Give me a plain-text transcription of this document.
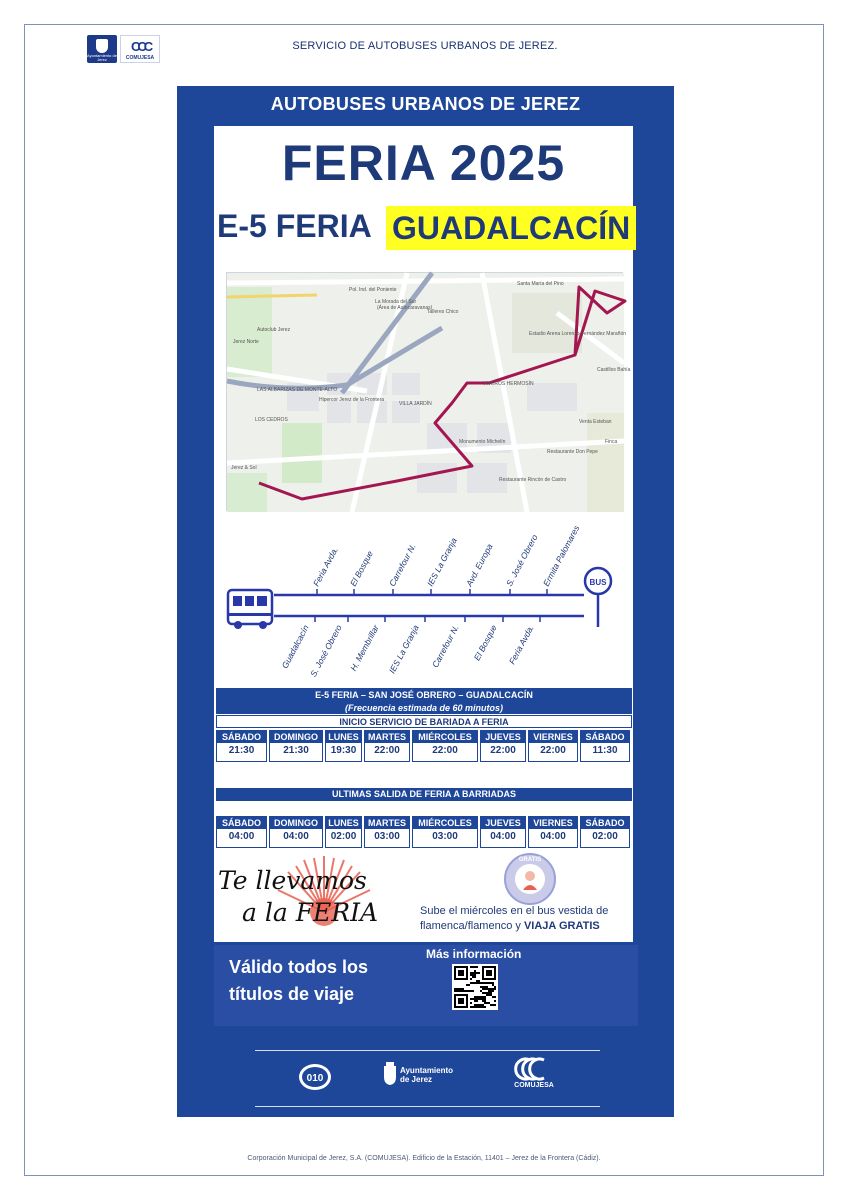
Ayuntamiento de Jerez
CCC
COMUJESA
SERVICIO DE AUTOBUSES URBANOS DE JEREZ.
AUTOBUSES URBANOS DE JEREZ
FERIA 2025
E-5 FERIA GUADALCACÍN
Pol. Ind. del Poniente
La Morada del Sur
(Área de Autocaravanas)
Talleres Chico
Santa María del Pino
Autoclub Jerez
Jerez Norte
LAS ALBARIZAS DE MONTE-ALTO
Estadio Arena Lorenzo Fernández Marañón
VIVEROS HERMOSÍN
Hipercor Jerez de la Frontera
VILLA JARDÍN
LOS CEDROS
Monumento Michelín
Restaurante Don Pepe
Restaurante Rincón de Castro
Jerez & Sol
Venta Esteban
Castillos Bahía
Finca
BUS
Feria Avda. El Bosque Carrefour N. IES La Granja Avd. Europa S. José Obrero Ermita Palomares
Guadalcacín
S. José Obrero H. Membrillar IES La Granja Carrefour N. El Bosque Feria Avda.
E-5 FERIA – SAN JOSÉ OBRERO – GUADALCACÍN
(Frecuencia estimada de 60 minutos)
INICIO SERVICIO DE BARIADA A FERIA
SÁBADO
21:30
DOMINGO
21:30
LUNES
19:30
MARTES
22:00
MIÉRCOLES
22:00
JUEVES
22:00
VIERNES
22:00
SÁBADO
11:30
ULTIMAS SALIDA DE FERIA A BARRIADAS
SÁBADO
04:00
DOMINGO
04:00
LUNES
02:00
MARTES
03:00
MIÉRCOLES
03:00
JUEVES
04:00
VIERNES
04:00
SÁBADO
02:00
Te llevamos
a la FERIA
GRATIS
Sube el miércoles en el bus vestida de flamenca/flamenco y VIAJA GRATIS
Válido todos los
títulos de viaje
Más información
010
Ayuntamiento
de Jerez
COMUJESA
Corporación Municipal de Jerez, S.A. (COMUJESA). Edificio de la Estación, 11401 – Jerez de la Frontera (Cádiz).
